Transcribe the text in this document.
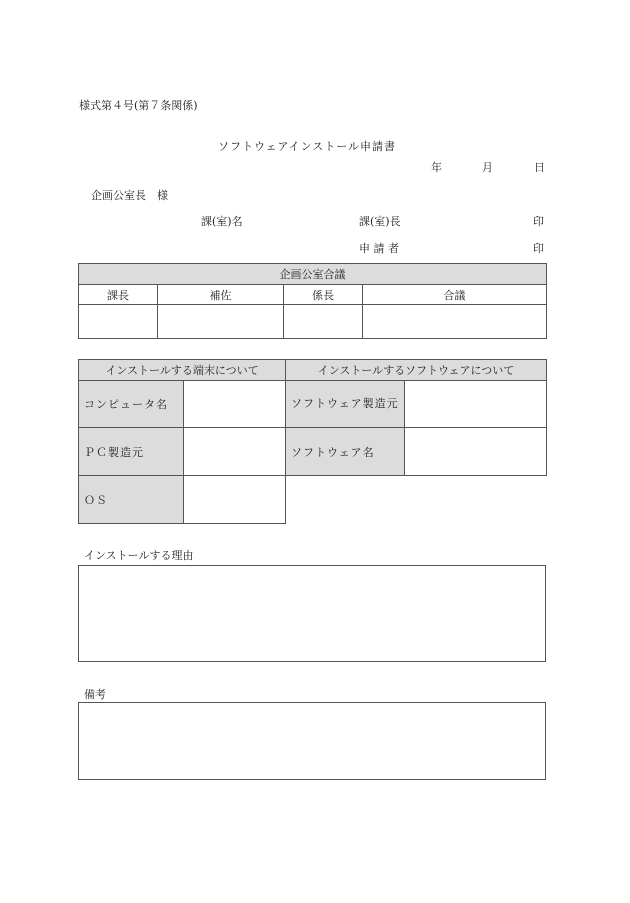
様式第４号(第７条関係)
ソフトウェアインストール申請書
年	月	日
企画公室長　様
課(室)名	課(室)長	印
申 請 者	印
企画公室合議			
課長	補佐	係長	合議

インストールする端末について		インストールするソフトウェアについて	
コンピュータ名		ソフトウェア製造元	
ＰＣ製造元		ソフトウェア名	
ＯＳ			
インストールする理由
備考
